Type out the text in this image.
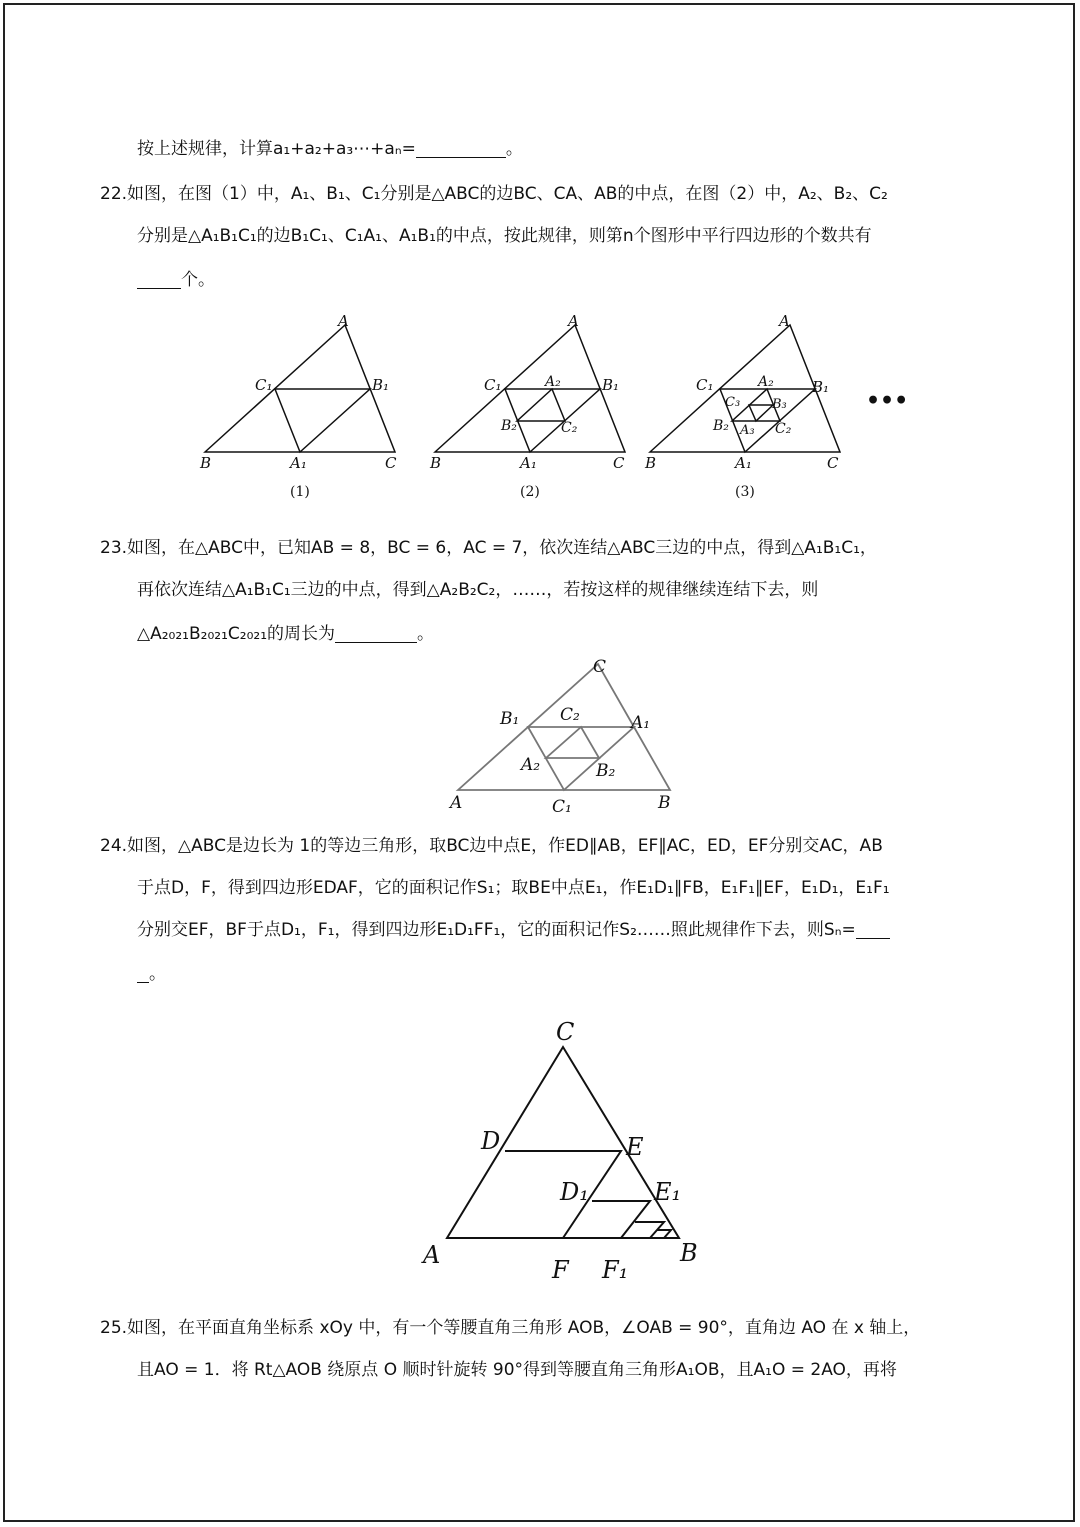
按上述规律，计算a₁+a₂+a₃⋯+aₙ=	。
22.如图，在图（1）中，A₁、B₁、C₁分别是△ABC的边BC、CA、AB的中点，在图（2）中，A₂、B₂、C₂
分别是△A₁B₁C₁的边B₁C₁、C₁A₁、A₁B₁的中点，按此规律，则第n个图形中平行四边形的个数共有
个。
A
C₁	B₁
B	A₁	C
(1)
A
C₁	A₂	B₁
B₂	C₂
B	A₁	C
(2)
A
C₁	A₂	B₁
C₃ B₃
B₂ A₃ C₂
B	A₁	C
(3)
•••
23.如图，在△ABC中，已知AB = 8，BC = 6，AC = 7，依次连结△ABC三边的中点，得到△A₁B₁C₁，
再依次连结△A₁B₁C₁三边的中点，得到△A₂B₂C₂，……，若按这样的规律继续连结下去，则
△A₂₀₂₁B₂₀₂₁C₂₀₂₁的周长为	。
C
B₁ C₂	A₁
A₂	B₂
A	C₁	B
24.如图，△ABC是边长为 1的等边三角形，取BC边中点E，作ED∥AB，EF∥AC，ED，EF分别交AC，AB
于点D，F，得到四边形EDAF，它的面积记作S₁；取BE中点E₁，作E₁D₁∥FB，E₁F₁∥EF，E₁D₁，E₁F₁
分别交EF，BF于点D₁，F₁，得到四边形E₁D₁FF₁，它的面积记作S₂……照此规律作下去，则Sₙ=
。
C
D	E
D₁	E₁
A
F F₁
B
25.如图，在平面直角坐标系 xOy 中，有一个等腰直角三角形 AOB，∠OAB = 90°，直角边 AO 在 x 轴上，
且AO = 1．将 Rt△AOB 绕原点 O 顺时针旋转 90°得到等腰直角三角形A₁OB，且A₁O = 2AO，再将
